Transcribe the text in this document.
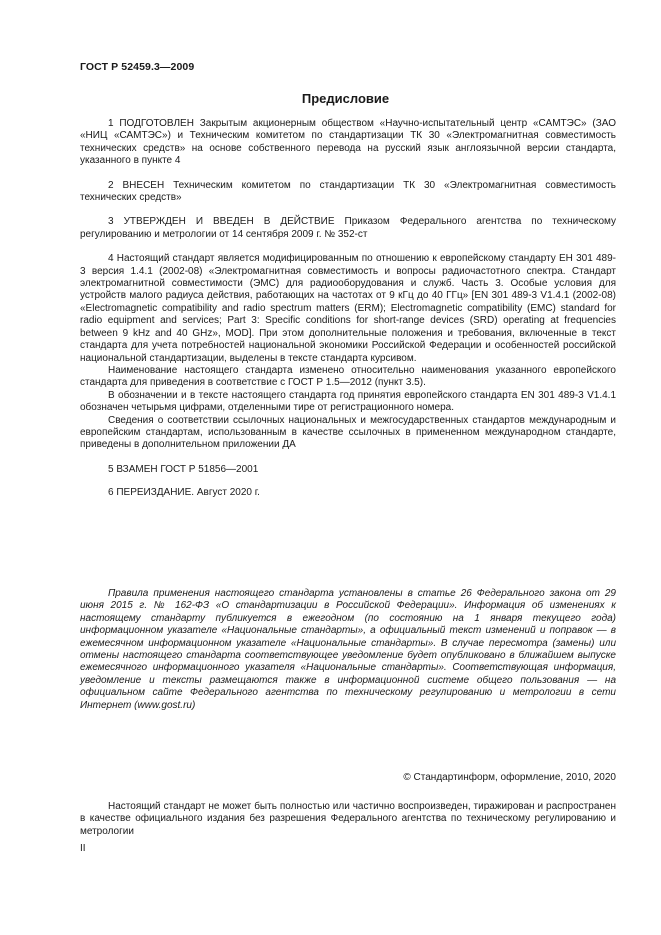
ГОСТ Р 52459.3—2009
Предисловие

1 ПОДГОТОВЛЕН Закрытым акционерным обществом «Научно-испытательный центр «САМТЭС» (ЗАО «НИЦ «САМТЭС») и Техническим комитетом по стандартизации ТК 30 «Электромагнитная совместимость технических средств» на основе собственного перевода на русский язык англоязычной версии стандарта, указанного в пункте 4

2 ВНЕСЕН Техническим комитетом по стандартизации ТК 30 «Электромагнитная совместимость технических средств»

3 УТВЕРЖДЕН И ВВЕДЕН В ДЕЙСТВИЕ Приказом Федерального агентства по техническому регулированию и метрологии от 14 сентября 2009 г. № 352-ст

4 Настоящий стандарт является модифицированным по отношению к европейскому стандарту ЕН 301 489-3 версия 1.4.1 (2002-08) «Электромагнитная совместимость и вопросы радиочастотного спектра. Стандарт электромагнитной совместимости (ЭМС) для радиооборудования и служб. Часть 3. Особые условия для устройств малого радиуса действия, работающих на частотах от 9 кГц до 40 ГГц» [EN 301 489-3 V1.4.1 (2002-08) «Electromagnetic compatibility and radio spectrum matters (ERM); Electromagnetic compatibility (EMC) standard for radio equipment and services; Part 3: Specific conditions for short-range devices (SRD) operating at frequencies between 9 kHz and 40 GHz», MOD]. При этом дополнительные положения и требования, включенные в текст стандарта для учета потребностей национальной экономики Российской Федерации и особенностей российской национальной стандартизации, выделены в тексте стандарта курсивом.

Наименование настоящего стандарта изменено относительно наименования указанного европейского стандарта для приведения в соответствие с ГОСТ Р 1.5—2012 (пункт 3.5).

В обозначении и в тексте настоящего стандарта год принятия европейского стандарта EN 301 489-3 V1.4.1 обозначен четырьмя цифрами, отделенными тире от регистрационного номера.

Сведения о соответствии ссылочных национальных и межгосударственных стандартов международным и европейским стандартам, использованным в качестве ссылочных в примененном международном стандарте, приведены в дополнительном приложении ДА

5 ВЗАМЕН ГОСТ Р 51856—2001

6 ПЕРЕИЗДАНИЕ. Август 2020 г.

Правила применения настоящего стандарта установлены в статье 26 Федерального закона от 29 июня 2015 г. № 162-ФЗ «О стандартизации в Российской Федерации». Информация об изменениях к настоящему стандарту публикуется в ежегодном (по состоянию на 1 января текущего года) информационном указателе «Национальные стандарты», а официальный текст изменений и поправок — в ежемесячном информационном указателе «Национальные стандарты». В случае пересмотра (замены) или отмены настоящего стандарта соответствующее уведомление будет опубликовано в ближайшем выпуске ежемесячного информационного указателя «Национальные стандарты». Соответствующая информация, уведомление и тексты размещаются также в информационной системе общего пользования — на официальном сайте Федерального агентства по техническому регулированию и метрологии в сети Интернет (www.gost.ru)

© Стандартинформ, оформление, 2010, 2020

Настоящий стандарт не может быть полностью или частично воспроизведен, тиражирован и распространен в качестве официального издания без разрешения Федерального агентства по техническому регулированию и метрологии

II
